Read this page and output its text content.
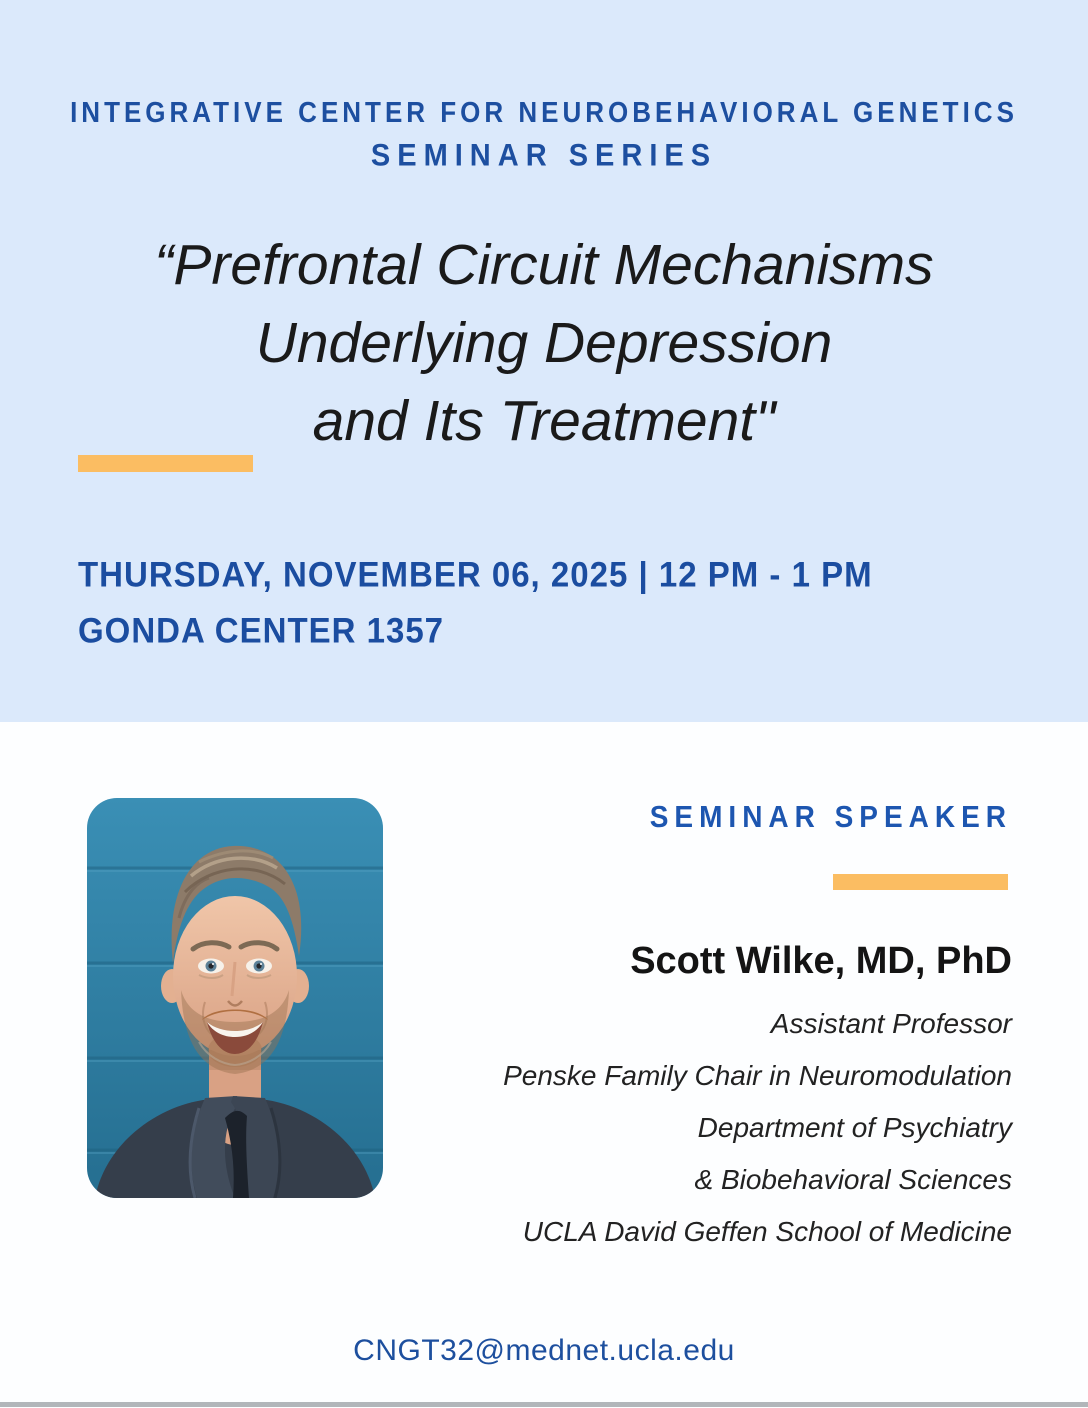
INTEGRATIVE CENTER FOR NEUROBEHAVIORAL GENETICS
SEMINAR SERIES
“Prefrontal Circuit Mechanisms
Underlying Depression
and Its Treatment"
THURSDAY, NOVEMBER 06, 2025 | 12 PM - 1 PM
GONDA CENTER 1357
SEMINAR SPEAKER
Scott Wilke, MD, PhD
Assistant Professor
Penske Family Chair in Neuromodulation
Department of Psychiatry
& Biobehavioral Sciences
UCLA David Geffen School of Medicine
CNGT32@mednet.ucla.edu
